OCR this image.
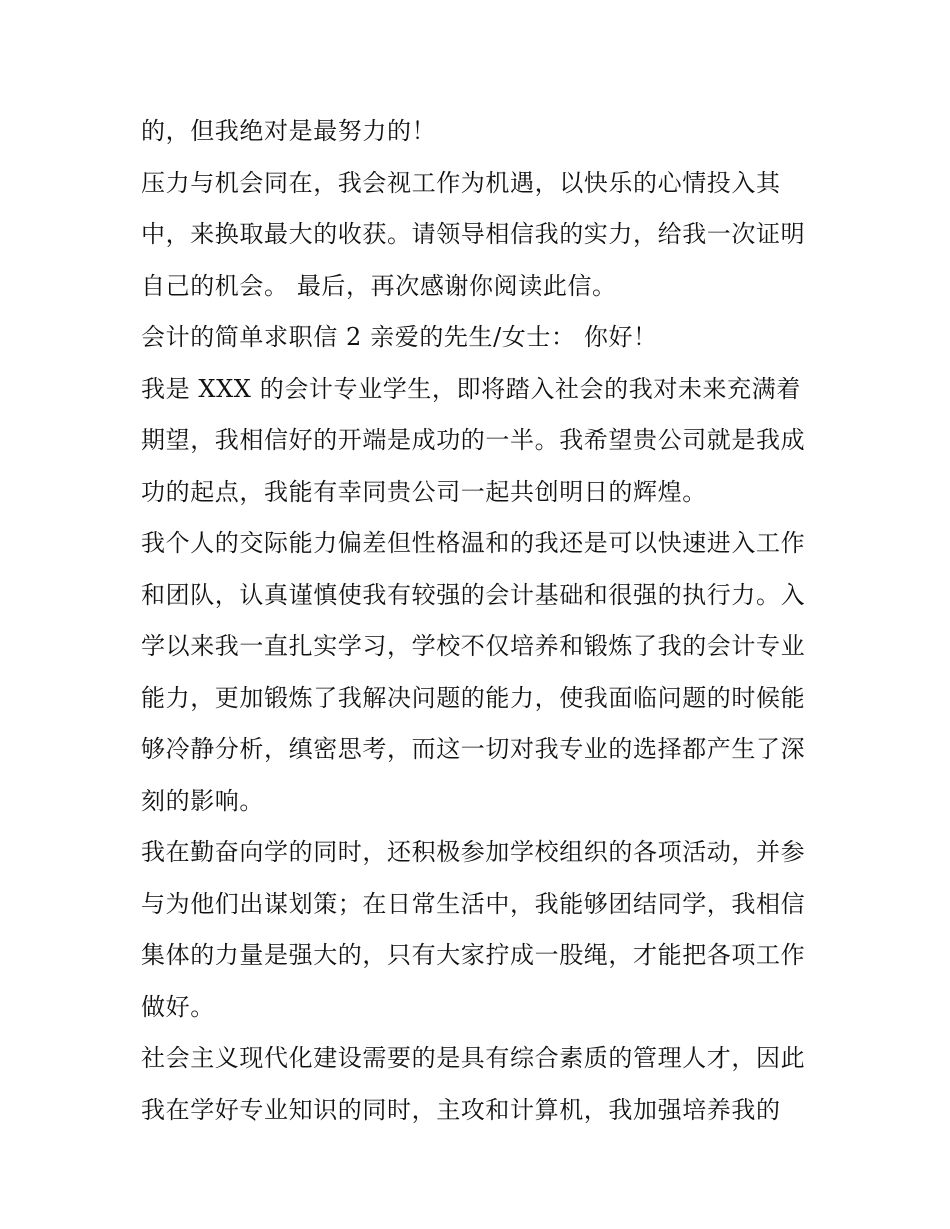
的，但我绝对是最努力的！
压力与机会同在，我会视工作为机遇，以快乐的心情投入其
中，来换取最大的收获。请领导相信我的实力，给我一次证明
自己的机会。 最后，再次感谢你阅读此信。
会计的简单求职信 2 亲爱的先生/女士： 你好！
我是 XXX 的会计专业学生，即将踏入社会的我对未来充满着
期望，我相信好的开端是成功的一半。我希望贵公司就是我成
功的起点，我能有幸同贵公司一起共创明日的辉煌。
我个人的交际能力偏差但性格温和的我还是可以快速进入工作
和团队，认真谨慎使我有较强的会计基础和很强的执行力。入
学以来我一直扎实学习，学校不仅培养和锻炼了我的会计专业
能力，更加锻炼了我解决问题的能力，使我面临问题的时候能
够冷静分析，缜密思考，而这一切对我专业的选择都产生了深
刻的影响。
我在勤奋向学的同时，还积极参加学校组织的各项活动，并参
与为他们出谋划策；在日常生活中，我能够团结同学，我相信
集体的力量是强大的，只有大家拧成一股绳，才能把各项工作
做好。
社会主义现代化建设需要的是具有综合素质的管理人才，因此
我在学好专业知识的同时，主攻和计算机，我加强培养我的
